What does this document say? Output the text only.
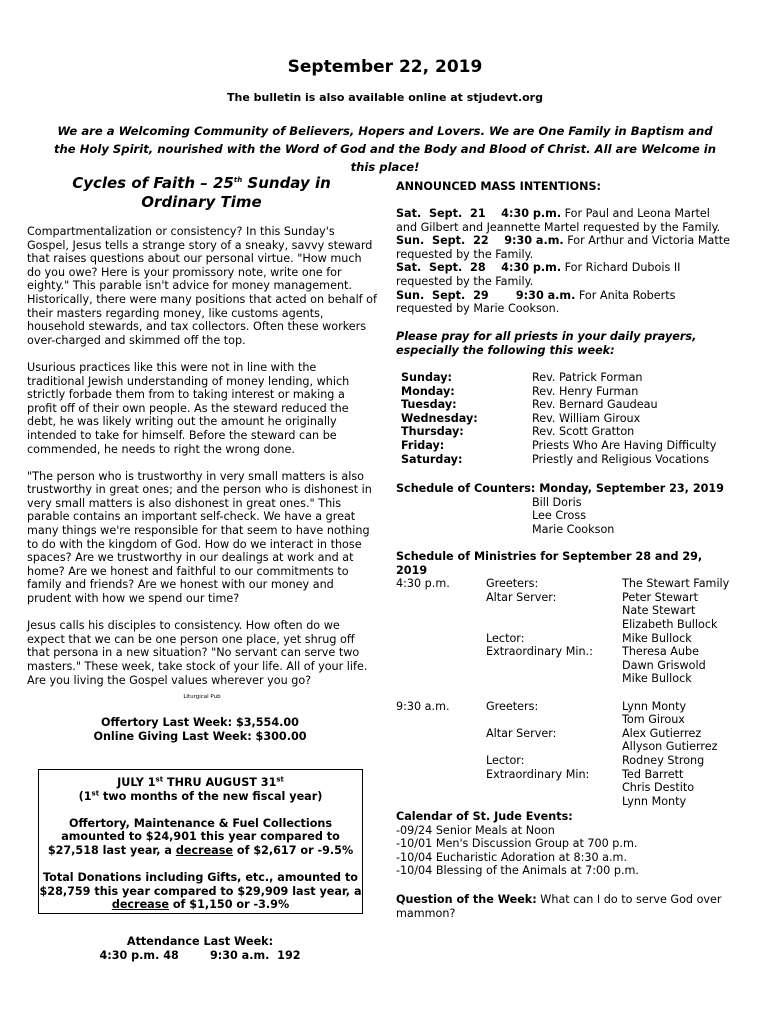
September 22, 2019
The bulletin is also available online at stjudevt.org
We are a Welcoming Community of Believers, Hopers and Lovers. We are One Family in Baptism and the Holy Spirit, nourished with the Word of God and the Body and Blood of Christ. All are Welcome in this place!
Cycles of Faith – 25th Sunday in Ordinary Time

Compartmentalization or consistency? In this Sunday's Gospel, Jesus tells a strange story of a sneaky, savvy steward that raises questions about our personal virtue. "How much do you owe? Here is your promissory note, write one for eighty." This parable isn't advice for money management. Historically, there were many positions that acted on behalf of their masters regarding money, like customs agents, household stewards, and tax collectors. Often these workers over-charged and skimmed off the top.

Usurious practices like this were not in line with the traditional Jewish understanding of money lending, which strictly forbade them from to taking interest or making a profit off of their own people. As the steward reduced the debt, he was likely writing out the amount he originally intended to take for himself. Before the steward can be commended, he needs to right the wrong done.

"The person who is trustworthy in very small matters is also trustworthy in great ones; and the person who is dishonest in very small matters is also dishonest in great ones." This parable contains an important self-check. We have a great many things we're responsible for that seem to have nothing to do with the kingdom of God. How do we interact in those spaces? Are we trustworthy in our dealings at work and at home? Are we honest and faithful to our commitments to family and friends? Are we honest with our money and prudent with how we spend our time?

Jesus calls his disciples to consistency. How often do we expect that we can be one person one place, yet shrug off that persona in a new situation? "No servant can serve two masters." These week, take stock of your life. All of your life. Are you living the Gospel values wherever you go?

Liturgical Pub

Offertory Last Week: $3,554.00

Online Giving Last Week: $300.00

JULY 1st THRU AUGUST 31st

(1st two months of the new fiscal year)

Offertory, Maintenance & Fuel Collections amounted to $24,901 this year compared to $27,518 last year, a decrease of $2,617 or -9.5%

Total Donations including Gifts, etc., amounted to $28,759 this year compared to $29,909 last year, a decrease of $1,150 or -3.9%

Attendance Last Week:

4:30 p.m. 48        9:30 a.m.  192

ANNOUNCED MASS INTENTIONS:

Sat.  Sept.  21    4:30 p.m. For Paul and Leona Martel and Gilbert and Jeannette Martel requested by the Family.

Sun.  Sept.  22    9:30 a.m. For Arthur and Victoria Matte requested by the Family.

Sat.  Sept.  28    4:30 p.m. For Richard Dubois II requested by the Family.

Sun.  Sept.  29       9:30 a.m. For Anita Roberts requested by Marie Cookson.

Please pray for all priests in your daily prayers, especially the following this week:
Sunday:	Rev. Patrick Forman
Monday:	Rev. Henry Furman
Tuesday:	Rev. Bernard Gaudeau
Wednesday:	Rev. William Giroux
Thursday:	Rev. Scott Gratton
Friday:	Priests Who Are Having Difficulty
Saturday:	Priestly and Religious Vocations

Schedule of Counters: Monday, September 23, 2019

Bill Doris

Lee Cross

Marie Cookson

Schedule of Ministries for September 28 and 29, 2019

4:30 p.m.	Greeters:	The Stewart Family
Altar Server:	Peter Stewart
Nate Stewart
Elizabeth Bullock
Lector:	Mike Bullock
Extraordinary Min.:	Theresa Aube
Dawn Griswold
Mike Bullock
9:30 a.m.	Greeters:	Lynn Monty
Tom Giroux
Altar Server:	Alex Gutierrez
Allyson Gutierrez
Lector:	Rodney Strong
Extraordinary Min:	Ted Barrett
Chris Destito
Lynn Monty

Calendar of St. Jude Events:

-09/24 Senior Meals at Noon

-10/01 Men's Discussion Group at 700 p.m.

-10/04 Eucharistic Adoration at 8:30 a.m.

-10/04 Blessing of the Animals at 7:00 p.m.

Question of the Week: What can I do to serve God over mammon?
